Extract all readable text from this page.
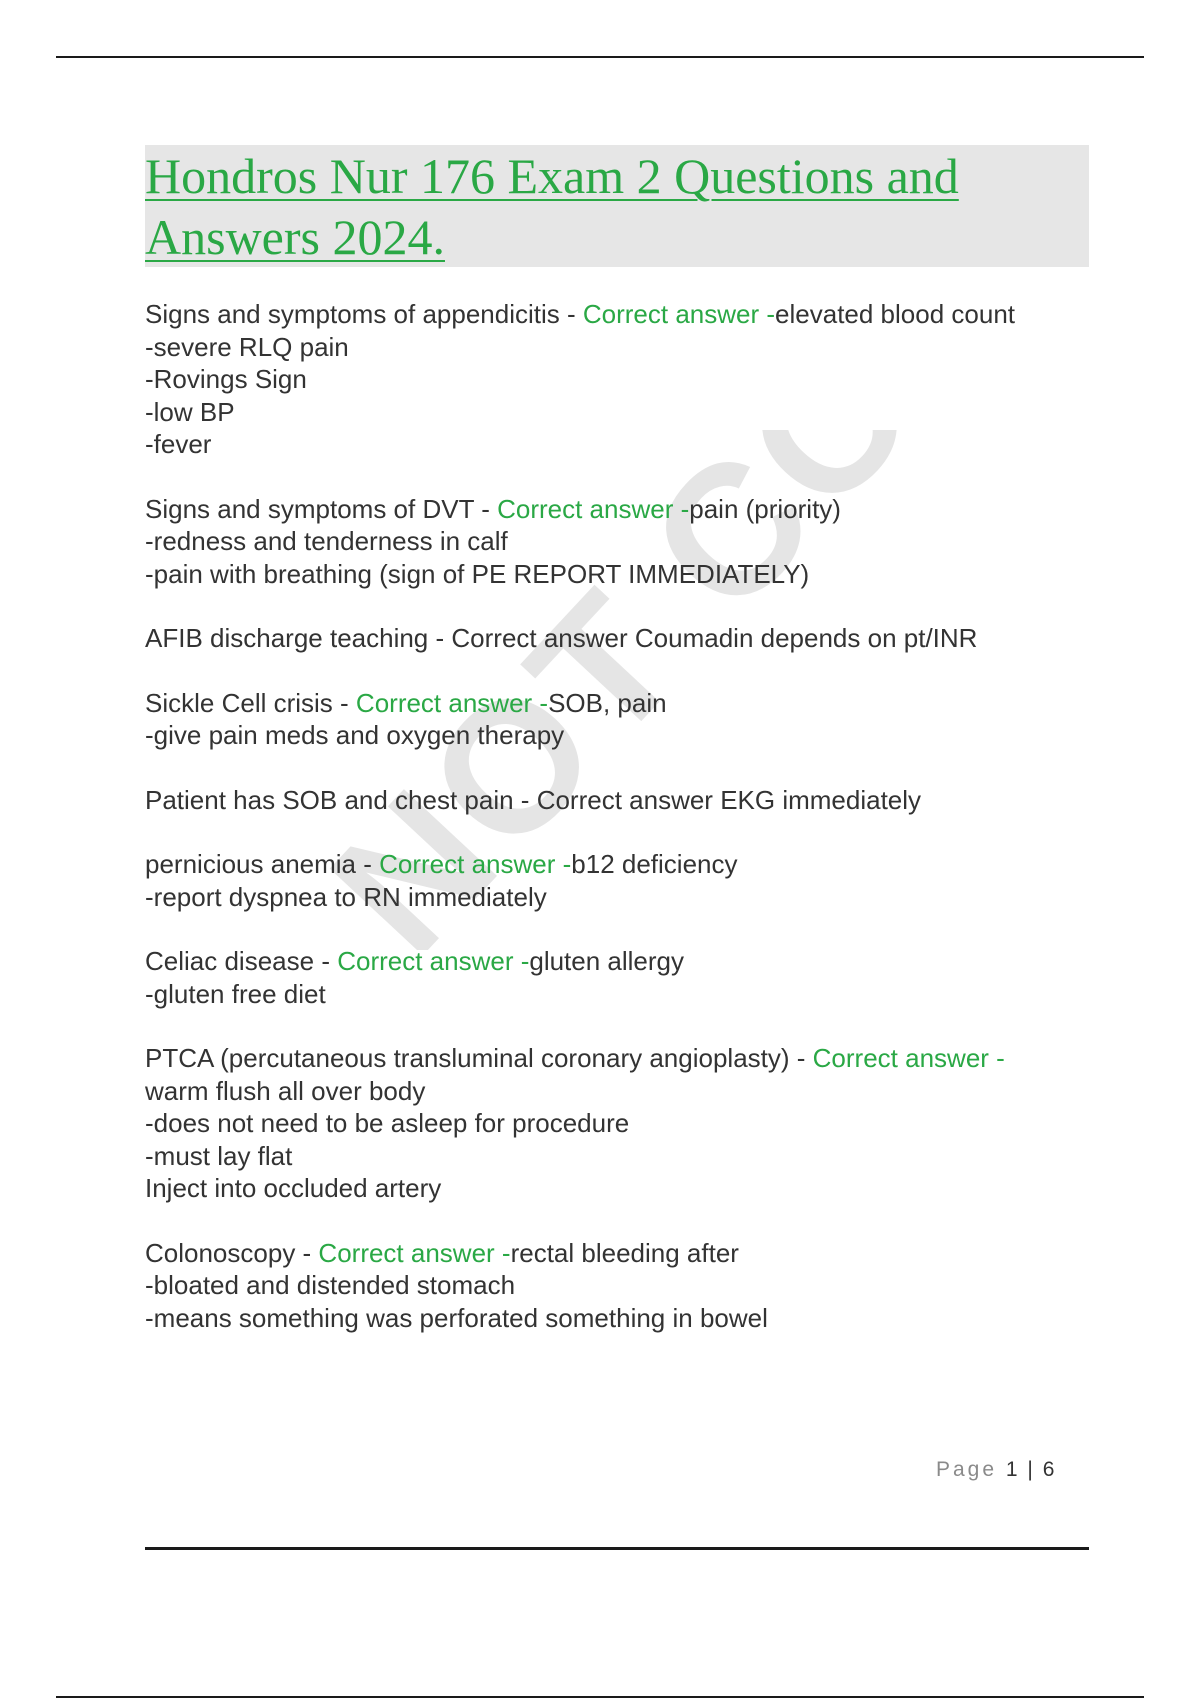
Hondros Nur 176 Exam 2 Questions and Answers 2024.

Signs and symptoms of appendicitis - Correct answer -elevated blood count
-severe RLQ pain
-Rovings Sign
-low BP
-fever

Signs and symptoms of DVT - Correct answer -pain (priority)
-redness and tenderness in calf
-pain with breathing (sign of PE REPORT IMMEDIATELY)

AFIB discharge teaching - Correct answer Coumadin depends on pt/INR

Sickle Cell crisis - Correct answer -SOB, pain
-give pain meds and oxygen therapy

Patient has SOB and chest pain - Correct answer EKG immediately

pernicious anemia - Correct answer -b12 deficiency
-report dyspnea to RN immediately

Celiac disease - Correct answer -gluten allergy
-gluten free diet

PTCA (percutaneous transluminal coronary angioplasty) - Correct answer -
warm flush all over body
-does not need to be asleep for procedure
-must lay flat
Inject into occluded artery

Colonoscopy - Correct answer -rectal bleeding after
-bloated and distended stomach
-means something was perforated something in bowel

Page 1 | 6
